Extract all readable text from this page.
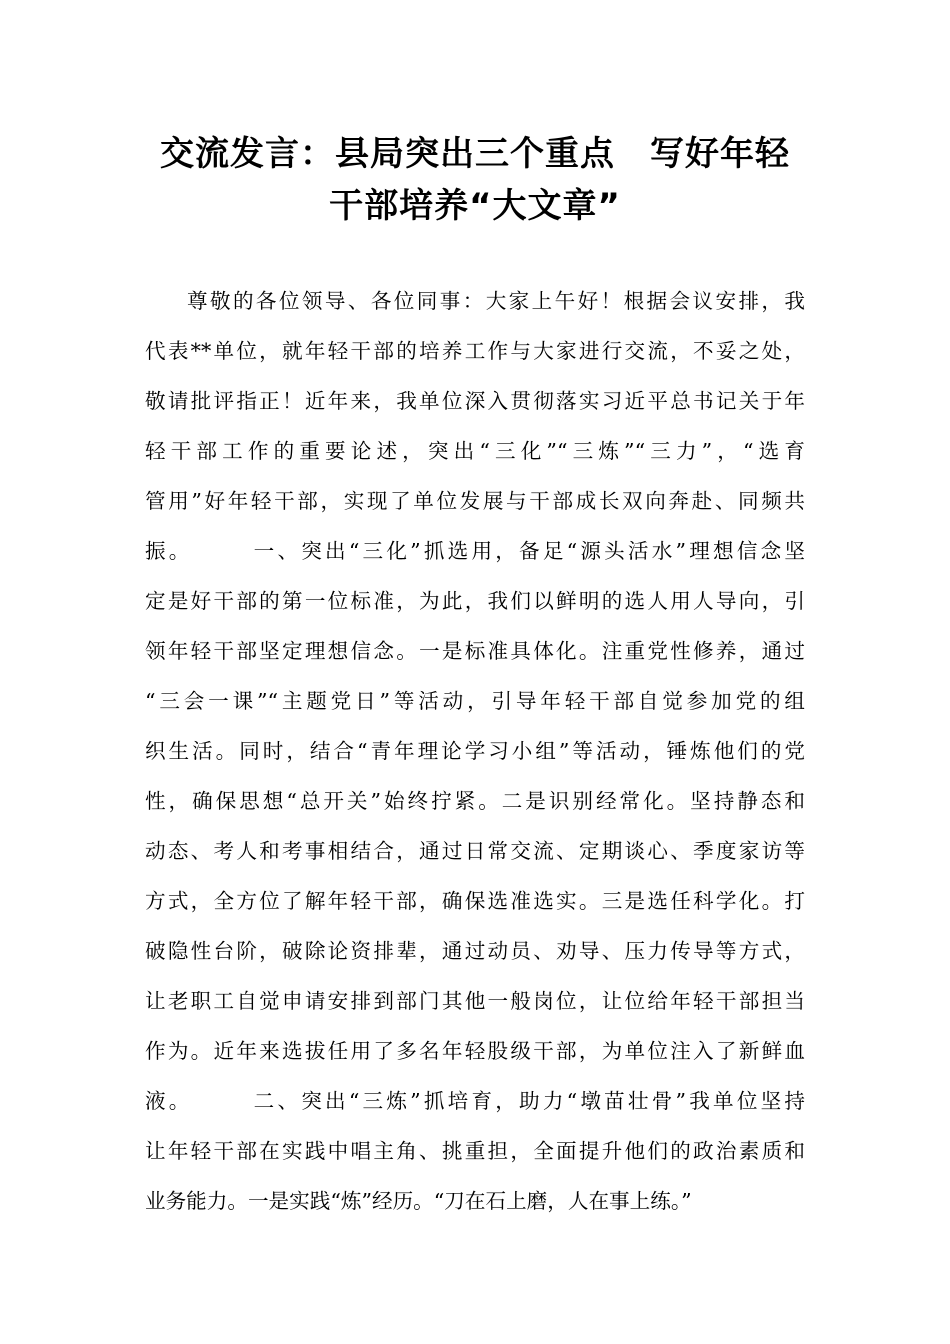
交流发言：县局突出三个重点　写好年轻
干部培养“大文章”
尊敬的各位领导、各位同事：大家上午好！根据会议安排，我
代表**单位，就年轻干部的培养工作与大家进行交流，不妥之处，
敬请批评指正！近年来，我单位深入贯彻落实习近平总书记关于年
轻干部工作的重要论述，突出“三化”“三炼”“三力”，“选育
管用”好年轻干部，实现了单位发展与干部成长双向奔赴、同频共
振。　　　一、突出“三化”抓选用，备足“源头活水”理想信念坚
定是好干部的第一位标准，为此，我们以鲜明的选人用人导向，引
领年轻干部坚定理想信念。一是标准具体化。注重党性修养，通过
“三会一课”“主题党日”等活动，引导年轻干部自觉参加党的组
织生活。同时，结合“青年理论学习小组”等活动，锤炼他们的党
性，确保思想“总开关”始终拧紧。二是识别经常化。坚持静态和
动态、考人和考事相结合，通过日常交流、定期谈心、季度家访等
方式，全方位了解年轻干部，确保选准选实。三是选任科学化。打
破隐性台阶，破除论资排辈，通过动员、劝导、压力传导等方式，
让老职工自觉申请安排到部门其他一般岗位，让位给年轻干部担当
作为。近年来选拔任用了多名年轻股级干部，为单位注入了新鲜血
液。　　　二、突出“三炼”抓培育，助力“墩苗壮骨”我单位坚持
让年轻干部在实践中唱主角、挑重担，全面提升他们的政治素质和
业务能力。一是实践“炼”经历。“刀在石上磨，人在事上练。”
